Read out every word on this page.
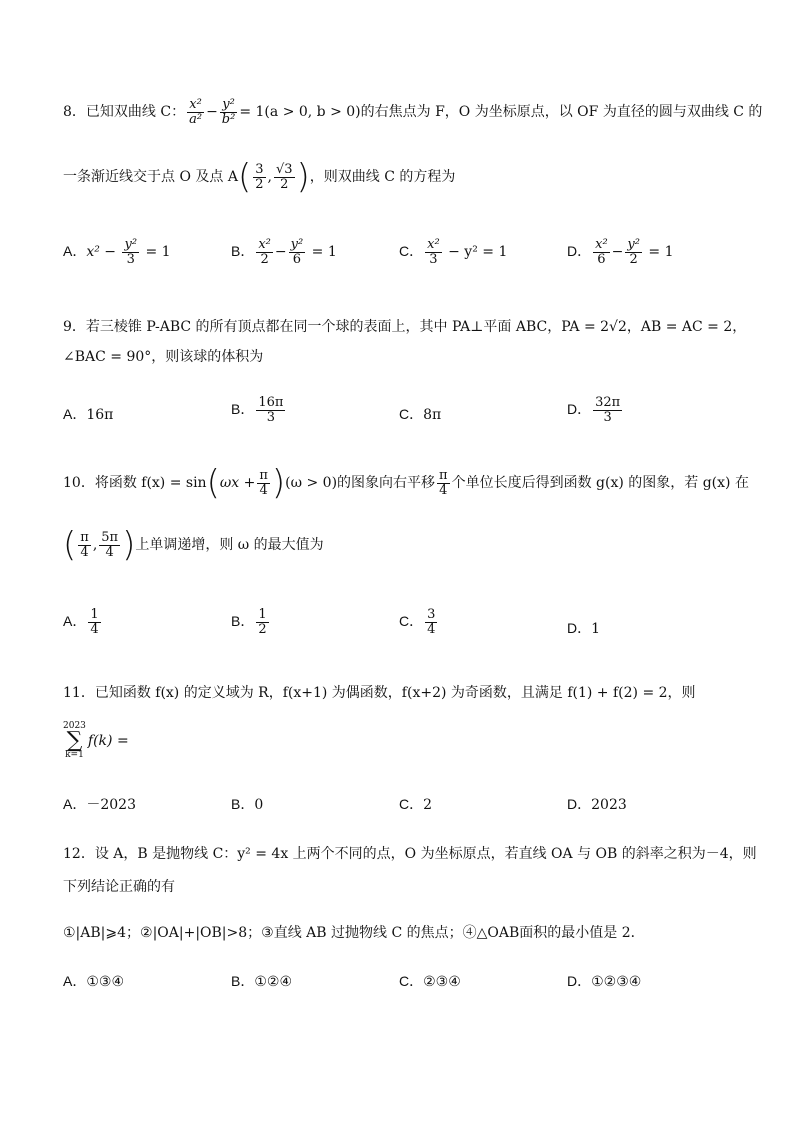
8．已知双曲线 C： $\frac{\text{x²}}{\text{a²}} - \frac{\text{y²}}{\text{b²}} = 1(a > 0$, b > 0)的右焦点为 F，O 为坐标原点，以 OF 为直径的圆与双曲线 C 的
一条渐近线交于点 O 及点 $A( \frac{3}{2}$ , $\frac{√3}{2}$ )，则双曲线 C 的方程为
A．$x^2 - \frac{\text{y²}}{3} = 1$	B． $\frac{\text{x²}}{2} - \frac{\text{y²}}{6} = 1$	C． $\frac{\text{x²}}{3} - y^2 = 1$	D． $\frac{\text{x²}}{6} - \frac{\text{y²}}{2} = 1$
9．若三棱锥 P-ABC 的所有顶点都在同一个球的表面上，其中 PA⊥平面 ABC，PA = 2√2，AB = AC = 2，
∠BAC = 90°，则该球的体积为
A．16π	B． $\frac{16\pi}{3}$	C．8π	D． $\frac{32\pi}{3}$
10．将函数 $f(x) = \sin(\omega x + \frac{\pi}{4} )(\omega > 0)$的图象向右平移 $\frac{\pi}{4}$ 个单位长度后得到函数 g(x) 的图象，若 g(x) 在
( $\frac{\pi}{4}$ , $\frac{5\pi}{4}$ )上单调递增，则 ω 的最大值为
A． $\frac{1}{4}$	B． $\frac{1}{2}$	C． $\frac{3}{4}$	D．1
11．已知函数 f(x) 的定义域为 R，f(x+1) 为偶函数，f(x+2) 为奇函数，且满足 f(1) + f(2) = 2，则
2023
∑
k=1
f(k) =
A．－2023	B．0	C．2	D．2023
12．设 A，B 是抛物线 C：y² = 4x 上两个不同的点，O 为坐标原点，若直线 OA 与 OB 的斜率之积为－4，则
下列结论正确的有
①|AB|⩾4；②|OA|+|OB|>8；③直线 AB 过抛物线 C 的焦点；④△OAB面积的最小值是 2．
A．①③④	B．①②④	C．②③④	D．①②③④
